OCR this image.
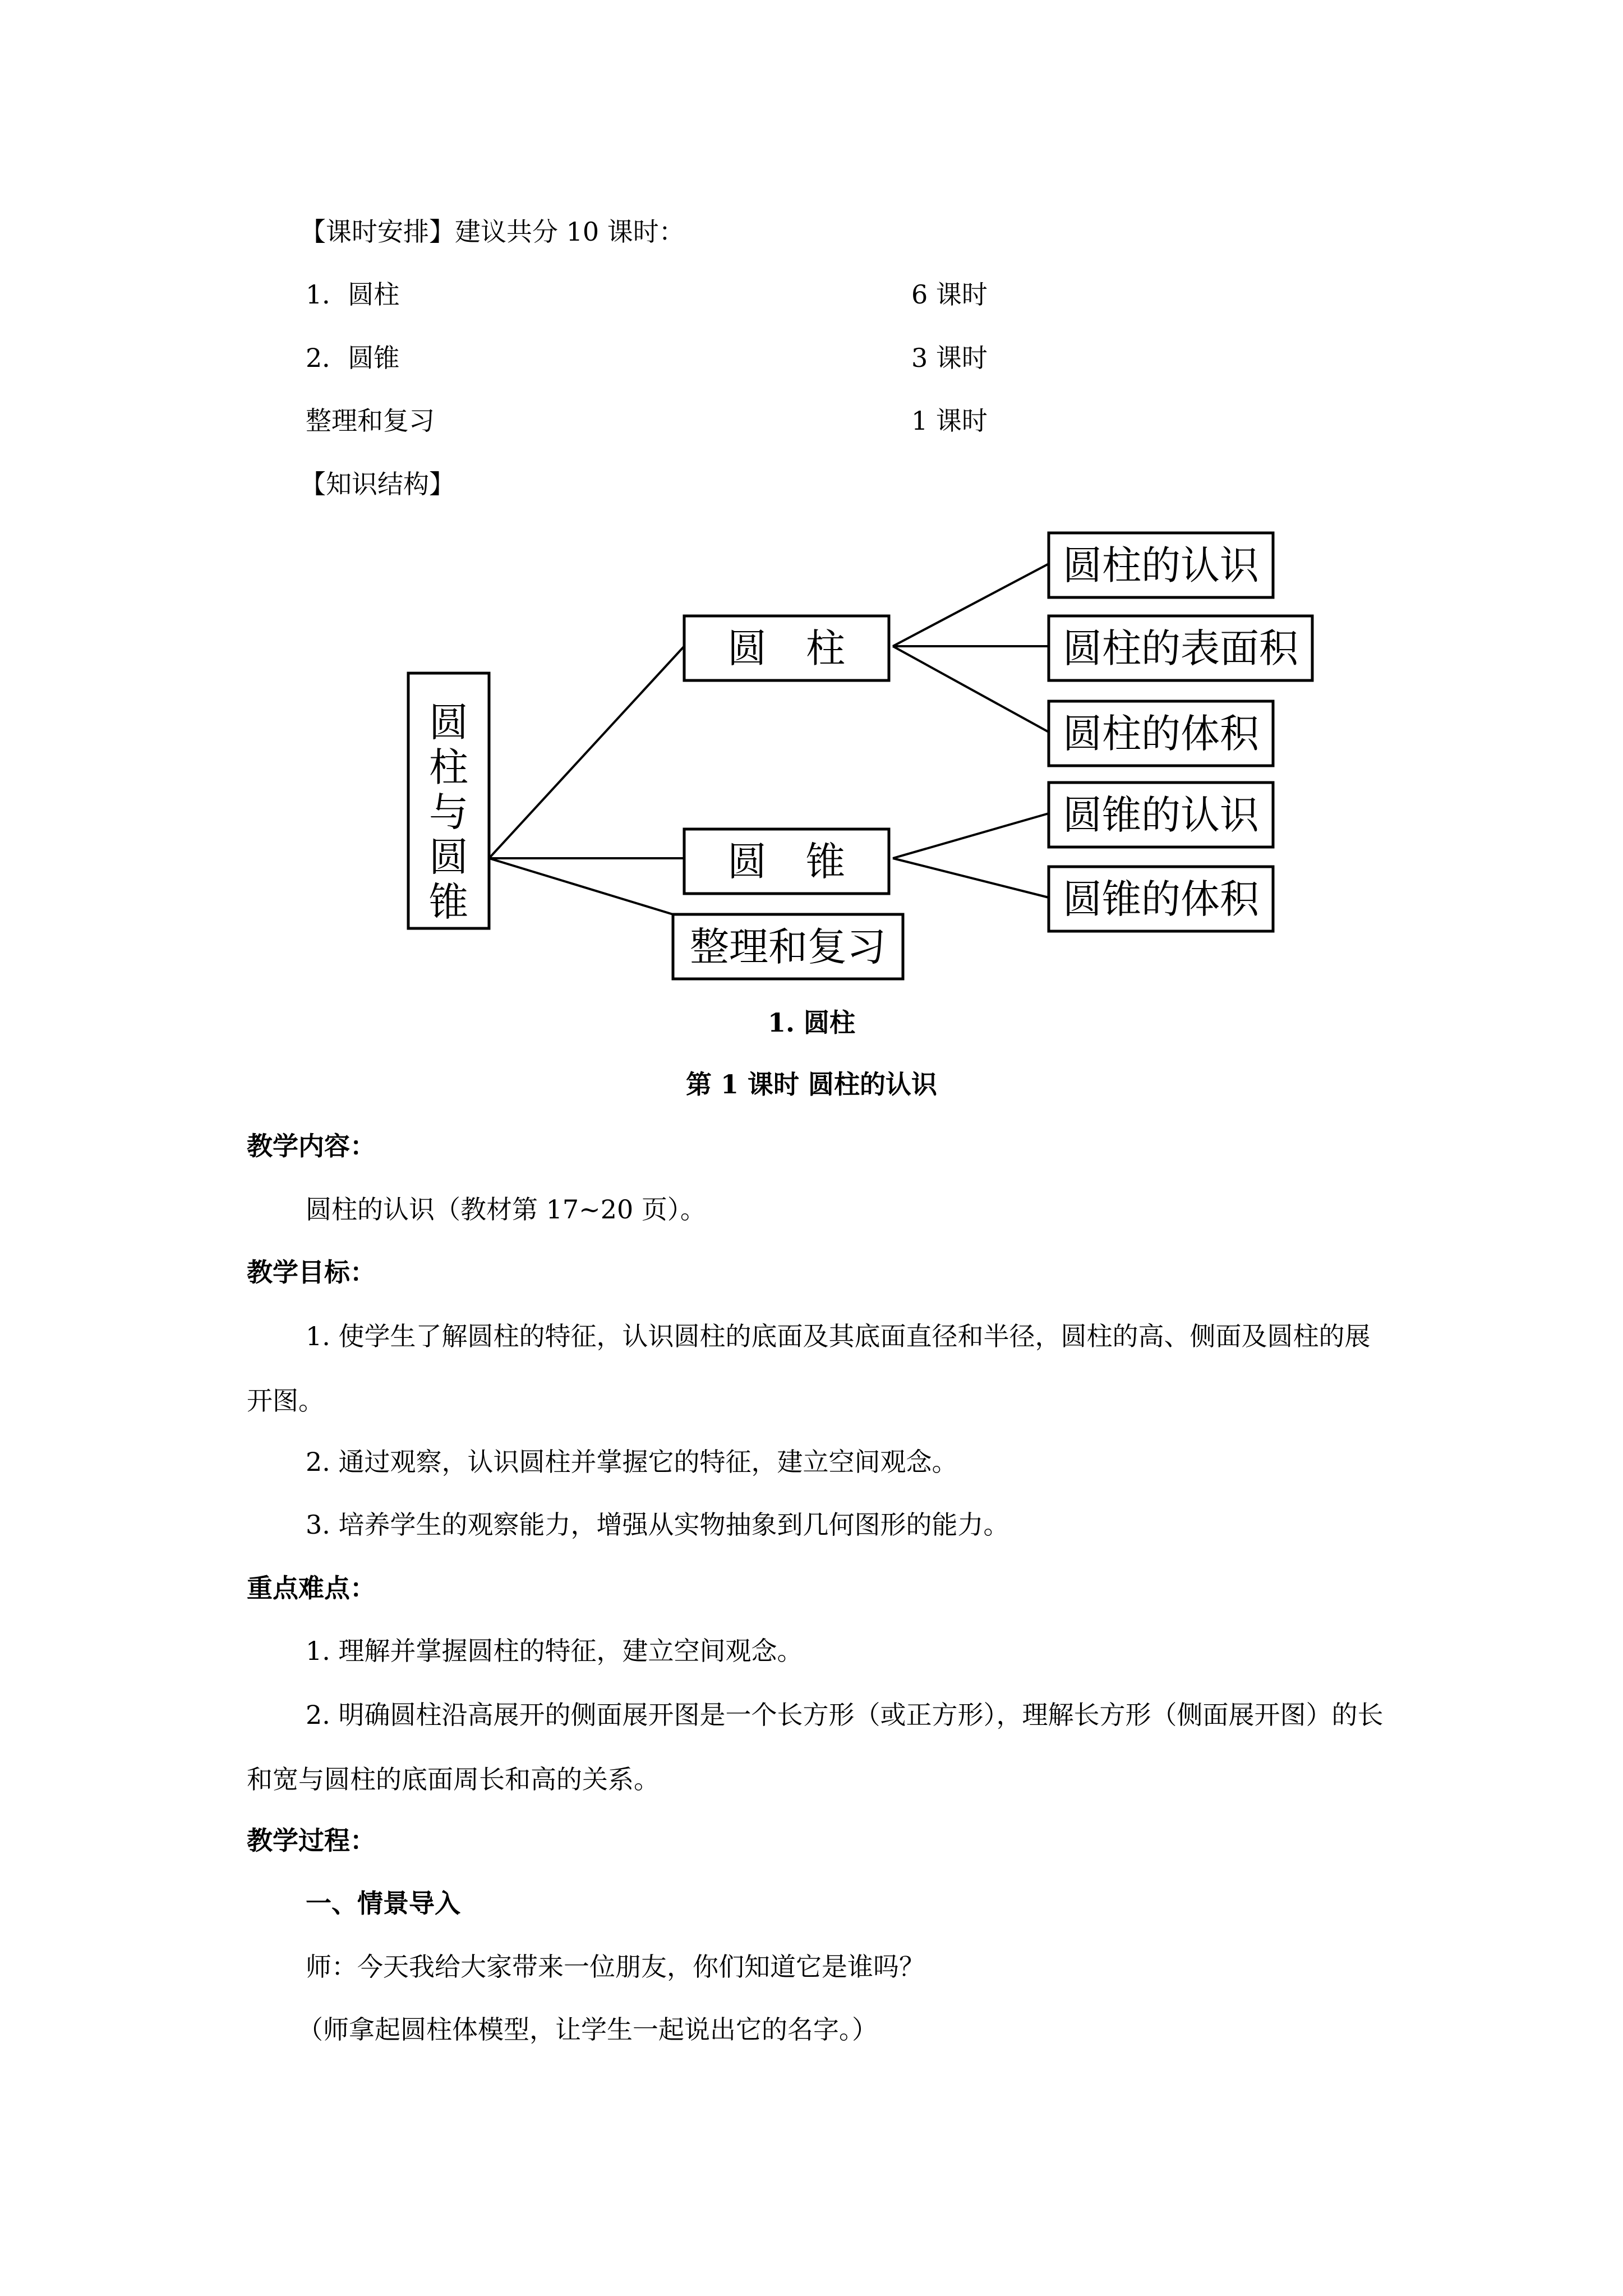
【课时安排】建议共分 10 课时：
1．圆柱	6 课时
2．圆锥	3 课时
整理和复习	1 课时
【知识结构】
圆
柱
与
圆
锥
圆　柱
圆　锥
整理和复习
圆柱的认识
圆柱的表面积
圆柱的体积
圆锥的认识
圆锥的体积
1. 圆柱
第 1 课时 圆柱的认识
教学内容：
圆柱的认识（教材第 17~20 页）。
教学目标：
1. 使学生了解圆柱的特征，认识圆柱的底面及其底面直径和半径，圆柱的高、侧面及圆柱的展开图。
2. 通过观察，认识圆柱并掌握它的特征，建立空间观念。
3. 培养学生的观察能力，增强从实物抽象到几何图形的能力。
重点难点：
1. 理解并掌握圆柱的特征，建立空间观念。
2. 明确圆柱沿高展开的侧面展开图是一个长方形（或正方形），理解长方形（侧面展开图）的长和宽与圆柱的底面周长和高的关系。
教学过程：
一、情景导入
师：今天我给大家带来一位朋友，你们知道它是谁吗？
（师拿起圆柱体模型，让学生一起说出它的名字。）
